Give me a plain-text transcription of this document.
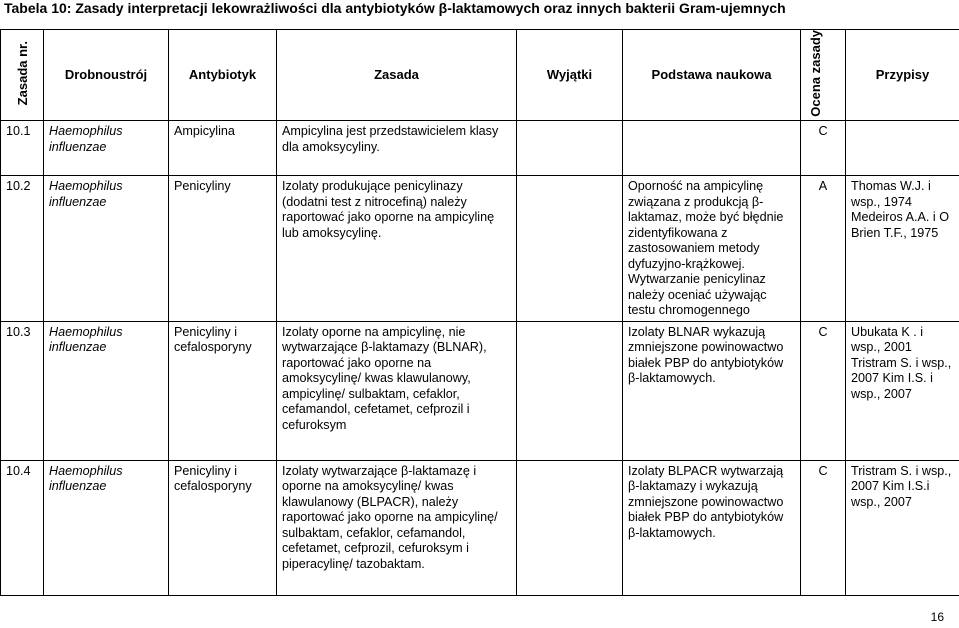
Tabela 10: Zasady interpretacji lekowrażliwości dla antybiotyków β-laktamowych oraz innych bakterii Gram-ujemnych
Zasada nr.	Drobnoustrój	Antybiotyk	Zasada	Wyjątki	Podstawa naukowa	Ocena zasady	Przypisy
10.1	Haemophilus influenzae	Ampicylina	Ampicylina jest przedstawicielem klasy dla amoksycyliny.			C	
10.2	Haemophilus influenzae	Penicyliny	Izolaty produkujące penicylinazy (dodatni test z nitrocefiną) należy raportować jako oporne na ampicylinę lub amoksycylinę.		Oporność na ampicylinę związana z produkcją β-laktamaz, może być błędnie zidentyfikowana z zastosowaniem metody dyfuzyjno-krążkowej. Wytwarzanie penicylinaz należy oceniać używając testu chromogennego	A	Thomas W.J. i wsp., 1974 Medeiros A.A. i O Brien T.F., 1975
10.3	Haemophilus influenzae	Penicyliny i cefalosporyny	Izolaty oporne na ampicylinę, nie wytwarzające β-laktamazy (BLNAR), raportować jako oporne na amoksycylinę/ kwas klawulanowy, ampicylinę/ sulbaktam, cefaklor, cefamandol, cefetamet, cefprozil i cefuroksym		Izolaty BLNAR wykazują zmniejszone powinowactwo białek PBP do antybiotyków β-laktamowych.	C	Ubukata K . i wsp., 2001 Tristram S. i wsp., 2007 Kim I.S. i wsp., 2007
10.4	Haemophilus influenzae	Penicyliny i cefalosporyny	Izolaty wytwarzające β-laktamazę i oporne na amoksycylinę/ kwas klawulanowy (BLPACR), należy raportować jako oporne na ampicylinę/ sulbaktam, cefaklor, cefamandol, cefetamet, cefprozil, cefuroksym i piperacylinę/ tazobaktam.		Izolaty BLPACR wytwarzają β-laktamazy i wykazują zmniejszone powinowactwo białek PBP do antybiotyków β-laktamowych.	C	Tristram S. i wsp., 2007 Kim I.S.i wsp., 2007
16
